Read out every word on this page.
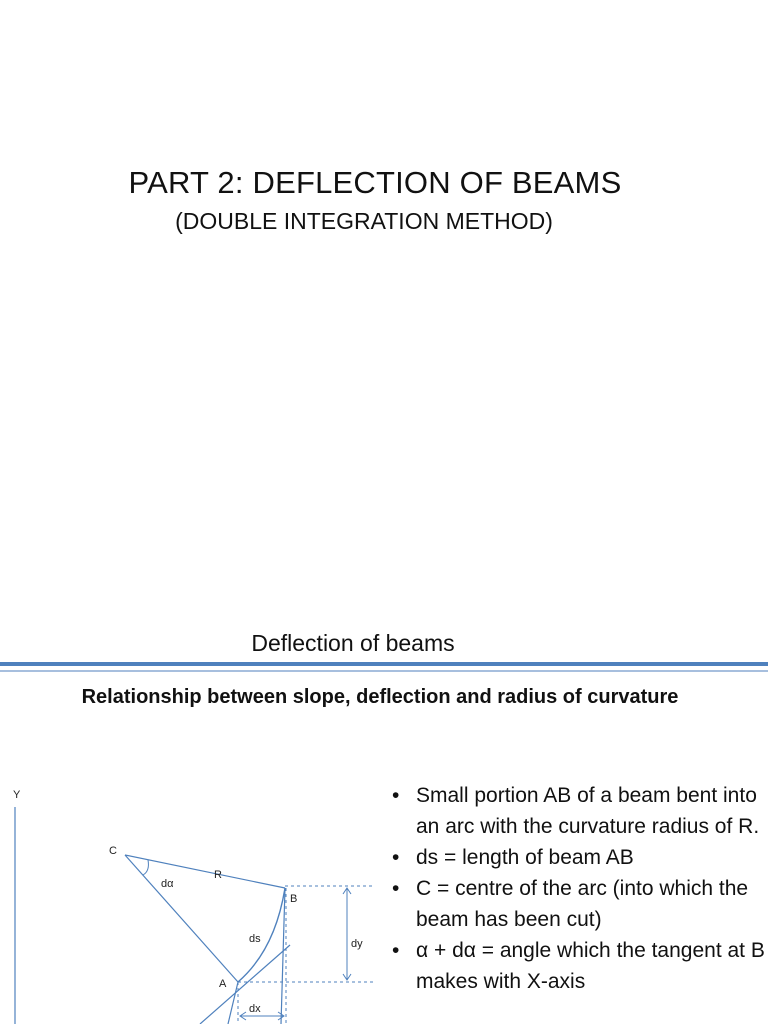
PART 2: DEFLECTION OF BEAMS
(DOUBLE INTEGRATION METHOD)
Deflection of beams
Relationship between slope, deflection and radius of curvature
Y
C
R
dα
B
ds	dy
A
dx
• Small portion AB of a beam bent into an arc with the curvature radius of R.
• ds = length of beam AB
• C = centre of the arc (into which the beam has been cut)
• α + dα = angle which the tangent at B makes with X-axis
